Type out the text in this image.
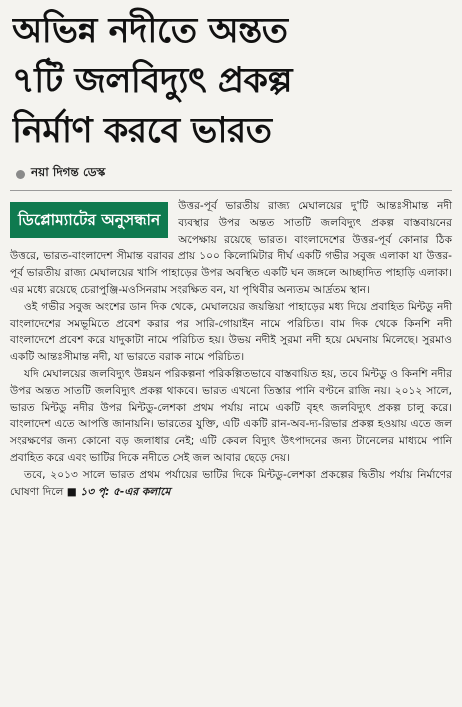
অভিন্ন নদীতে অন্তত
৭টি জলবিদ্যুৎ প্রকল্প
নির্মাণ করবে ভারত
নয়া দিগন্ত ডেস্ক

ডিপ্লোম্যাটের অনুসন্ধান
উত্তর-পূর্ব ভারতীয় রাজ্য মেঘালয়ের দু'টি আন্তঃসীমান্ত নদী ব্যবস্থার উপর অন্তত সাতটি জলবিদ্যুৎ প্রকল্প বাস্তবায়নের অপেক্ষায় রয়েছে ভারত। বাংলাদেশের উত্তর-পূর্ব কোনার ঠিক উত্তরে, ভারত-বাংলাদেশ সীমান্ত বরাবর প্রায় ১০০ কিলোমিটার দীর্ঘ একটি গভীর সবুজ এলাকা যা উত্তর-পূর্ব ভারতীয় রাজ্য মেঘালয়ের খাসি পাহাড়ের উপর অবস্থিত একটি ঘন জঙ্গলে আচ্ছাদিত পাহাড়ি এলাকা। এর মধ্যে রয়েছে চেরাপুঞ্জি-মওসিনরাম সংরক্ষিত বন, যা পৃথিবীর অন্যতম আর্দ্রতম স্থান।

ওই গভীর সবুজ অংশের ডান দিক থেকে, মেঘালয়ের জয়ন্তিয়া পাহাড়ের মধ্য দিয়ে প্রবাহিত মিন্টডু নদী বাংলাদেশের সমভূমিতে প্রবেশ করার পর সারি-গোয়াইন নামে পরিচিত। বাম দিক থেকে কিনশি নদী বাংলাদেশে প্রবেশ করে যাদুকাটা নামে পরিচিত হয়। উভয় নদীই সুরমা নদী হয়ে মেঘনায় মিলেছে। সুরমাও একটি আন্তঃসীমান্ত নদী, যা ভারতে বরাক নামে পরিচিত।

যদি মেঘালয়ের জলবিদ্যুৎ উন্নয়ন পরিকল্পনা পরিকল্পিতভাবে বাস্তবায়িত হয়, তবে মিন্টডু ও কিনশি নদীর উপর অন্তত সাতটি জলবিদ্যুৎ প্রকল্প থাকবে। ভারত এখনো তিস্তার পানি বণ্টনে রাজি নয়। ২০১২ সালে, ভারত মিন্টডু নদীর উপর মিন্টডু-লেশকা প্রথম পর্যায় নামে একটি বৃহৎ জলবিদ্যুৎ প্রকল্প চালু করে। বাংলাদেশ এতে আপত্তি জানায়নি। ভারতের যুক্তি, এটি একটি রান-অব-দ্য-রিভার প্রকল্প হওয়ায় এতে জল সংরক্ষণের জন্য কোনো বড় জলাধার নেই; এটি কেবল বিদ্যুৎ উৎপাদনের জন্য টানেলের মাধ্যমে পানি প্রবাহিত করে এবং ভাটির দিকে নদীতে সেই জল আবার ছেড়ে দেয়।

তবে, ২০১৩ সালে ভারত প্রথম পর্যায়ের ভাটির দিকে মিন্টডু-লেশকা প্রকল্পের দ্বিতীয় পর্যায় নির্মাণের ঘোষণা দিলে ■ ১৩ পৃ: ৫-এর কলামে
